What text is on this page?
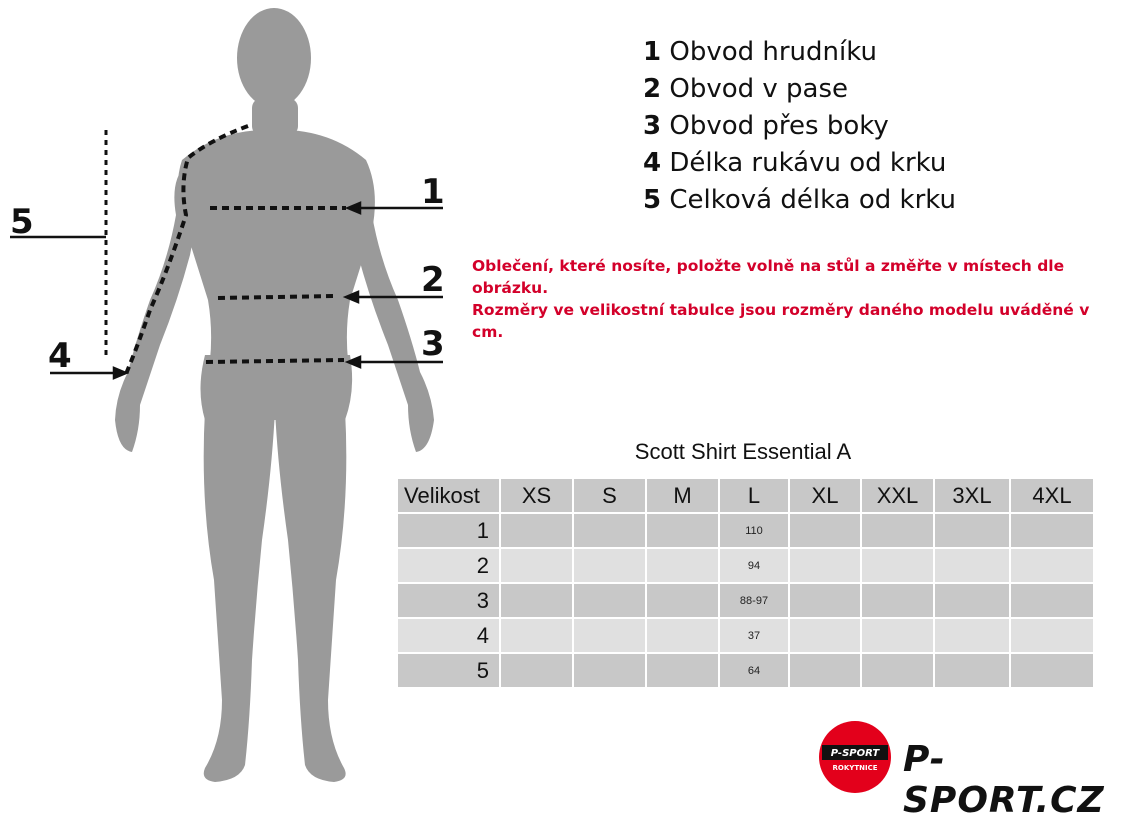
1
2
3
4
5
1 Obvod hrudníku
2 Obvod v pase
3 Obvod přes boky
4 Délka rukávu od krku
5 Celková délka od krku
Oblečení, které nosíte, položte volně na stůl a změřte v místech dle obrázku.
Rozměry ve velikostní tabulce jsou rozměry daného modelu uváděné v cm.
Scott Shirt Essential A
Velikost	XS	S	M	L	XL	XXL	3XL	4XL
1				110				
2				94				
3				88-97				
4				37				
5				64				
P-SPORT
ROKYTNICE P-SPORT.CZ
